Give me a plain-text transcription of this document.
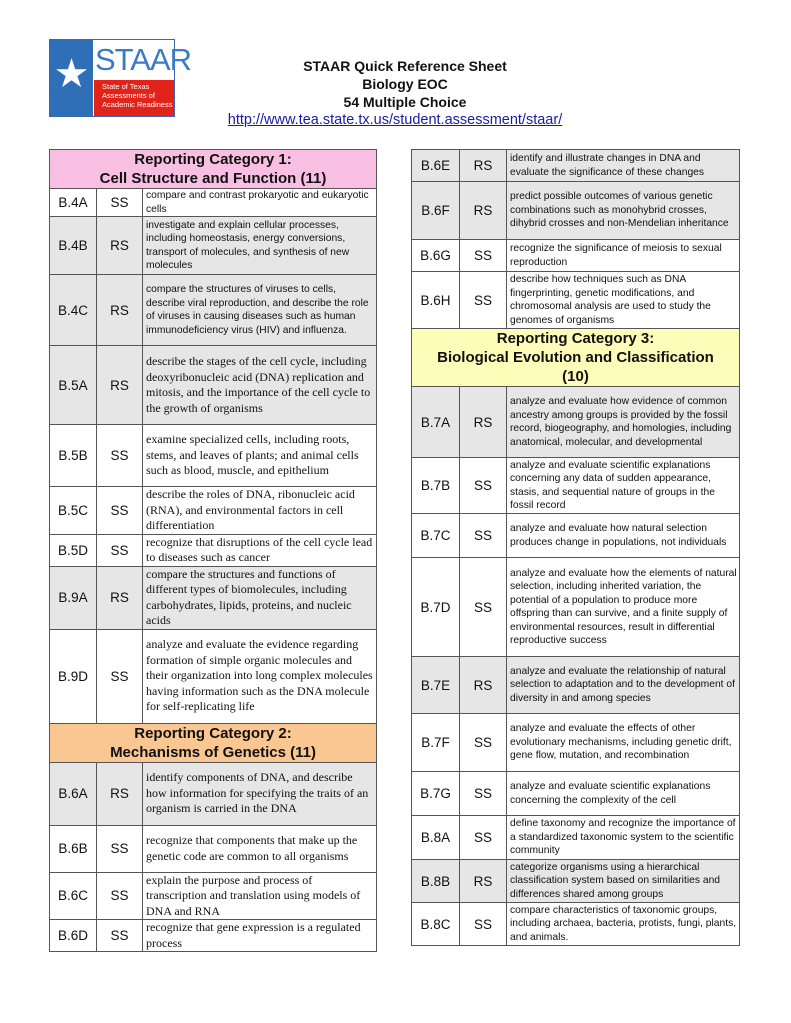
★ STAAR
State of Texas
Assessments of
Academic Readiness
STAAR Quick Reference Sheet
Biology EOC
54 Multiple Choice
http://www.tea.state.tx.us/student.assessment/staar/
Reporting Category 1:
Cell Structure and Function (11)		

B.4A	SS	compare and contrast prokaryotic and eukaryotic cells
B.4B	RS	investigate and explain cellular processes, including homeostasis, energy conversions, transport of molecules, and synthesis of new molecules
B.4C	RS	compare the structures of viruses to cells, describe viral reproduction, and describe the role of viruses in causing diseases such as human immunodeficiency virus (HIV) and influenza.
B.5A	RS	describe the stages of the cell cycle, including deoxyribonucleic acid (DNA) replication and mitosis, and the importance of the cell cycle to the growth of organisms
B.5B	SS	examine specialized cells, including roots, stems, and leaves of plants; and animal cells such as blood, muscle, and epithelium
B.5C	SS	describe the roles of DNA, ribonucleic acid (RNA), and environmental factors in cell differentiation
B.5D	SS	recognize that disruptions of the cell cycle lead to diseases such as cancer
B.9A	RS	compare the structures and functions of different types of biomolecules, including carbohydrates, lipids, proteins, and nucleic acids
B.9D	SS	analyze and evaluate the evidence regarding formation of simple organic molecules and their organization into long complex molecules having information such as the DNA molecule for self-replicating life

Reporting Category 2:
Mechanisms of Genetics (11)		

B.6A	RS	identify components of DNA, and describe how information for specifying the traits of an organism is carried in the DNA
B.6B	SS	recognize that components that make up the genetic code are common to all organisms
B.6C	SS	explain the purpose and process of transcription and translation using models of DNA and RNA
B.6D	SS	recognize that gene expression is a regulated process
B.6E	RS	identify and illustrate changes in DNA and evaluate the significance of these changes
B.6F	RS	predict possible outcomes of various genetic combinations such as monohybrid crosses, dihybrid crosses and non-Mendelian inheritance
B.6G	SS	recognize the significance of meiosis to sexual reproduction
B.6H	SS	describe how techniques such as DNA fingerprinting, genetic modifications, and chromosomal analysis are used to study the genomes of organisms

Reporting Category 3:
Biological Evolution and Classification
(10)		

B.7A	RS	analyze and evaluate how evidence of common ancestry among groups is provided by the fossil record, biogeography, and homologies, including anatomical, molecular, and developmental
B.7B	SS	analyze and evaluate scientific explanations concerning any data of sudden appearance, stasis, and sequential nature of groups in the fossil record
B.7C	SS	analyze and evaluate how natural selection produces change in populations, not individuals
B.7D	SS	analyze and evaluate how the elements of natural selection, including inherited variation, the potential of a population to produce more offspring than can survive, and a finite supply of environmental resources, result in differential reproductive success
B.7E	RS	analyze and evaluate the relationship of natural selection to adaptation and to the development of diversity in and among species
B.7F	SS	analyze and evaluate the effects of other evolutionary mechanisms, including genetic drift, gene flow, mutation, and recombination
B.7G	SS	analyze and evaluate scientific explanations concerning the complexity of the cell
B.8A	SS	define taxonomy and recognize the importance of a standardized taxonomic system to the scientific community
B.8B	RS	categorize organisms using a hierarchical classification system based on similarities and differences shared among groups
B.8C	SS	compare characteristics of taxonomic groups, including archaea, bacteria, protists, fungi, plants, and animals.
